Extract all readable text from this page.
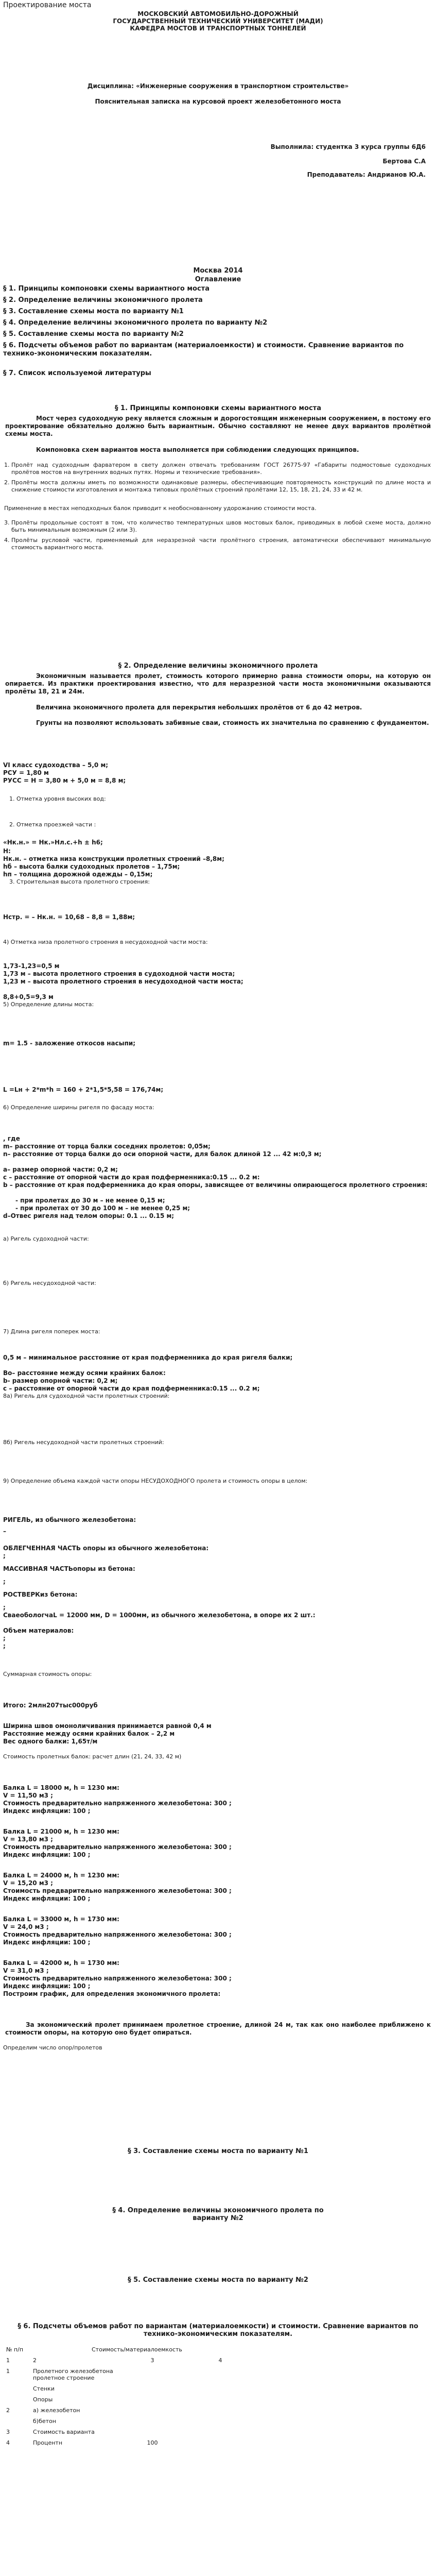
Проектирование моста
МОСКОВСКИЙ АВТОМОБИЛЬНО-ДОРОЖНЫЙ
ГОСУДАРСТВЕННЫЙ ТЕХНИЧЕСКИЙ УНИВЕРСИТЕТ (МАДИ)
КАФЕДРА МОСТОВ И ТРАНСПОРТНЫХ ТОННЕЛЕЙ
Дисциплина: «Инженерные сооружения в транспортном строительстве»
Пояснительная записка на курсовой проект железобетонного моста
Выполнила: студентка 3 курса группы 6Д6
Бертова С.А
Преподаватель: Андрианов Ю.А.
Москва 2014
Оглавление
§ 1. Принципы компоновки схемы вариантного моста
§ 2. Определение величины экономичного пролета
§ 3. Составление схемы моста по варианту №1
§ 4. Определение величины экономичного пролета по варианту №2
§ 5. Составление схемы моста по варианту №2
§ 6. Подсчеты объемов работ по вариантам (материалоемкости) и стоимости. Сравнение вариантов по технико-экономическим показателям.
§ 7. Список используемой литературы
§ 1. Принципы компоновки схемы вариантного моста
Мост через судоходную реку является сложным и дорогостоящим инженерным сооружением, в постому его проектирование обязательно должно быть вариантным. Обычно составляют не менее двух вариантов пролётной схемы моста.
Компоновка схем вариантов моста выполняется при соблюдении следующих принципов.
1. Пролёт над судоходным фарватером в свету должен отвечать требованиям ГОСТ 26775-97 «Габариты подмостовые судоходных пролётов мостов на внутренних водных путях. Нормы и технические требования».
2. Пролёты моста должны иметь по возможности одинаковые размеры, обеспечивающие повторяемость конструкций по длине моста и снижение стоимости изготовления и монтажа типовых пролётных строений пролётами 12, 15, 18, 21, 24, 33 и 42 м.
Применение в местах неподходных балок приводит к необоснованному удорожанию стоимости моста.
3. Пролёты продольные состоят в том, что количество температурных швов мостовых балок, приводимых в любой схеме моста, должно быть минимальным возможным (2 или 3).
4. Пролёты русловой части, применяемый для неразрезной части пролётного строения, автоматически обеспечивают минимальную стоимость вариантного моста.
§ 2. Определение величины экономичного пролета
Экономичным называется пролет, стоимость которого примерно равна стоимости опоры, на которую он опирается. Из практики проектирования известно, что для неразрезной части моста экономичными оказываются пролёты 18, 21 и 24м.
Величина экономичного пролета для перекрытия небольших пролётов от 6 до 42 метров.
Грунты на позволяют использовать забивные сваи, стоимость их значительна по сравнению с фундаментом.
VI класс судоходства – 5,0 м;
РСУ = 1,80 м
РУСС = Н = 3,80 м + 5,0 м = 8,8 м;
1. Отметка уровня высоких вод:
2. Отметка проезжей части :
«Нк.н.» = Нк.»Нл.с.+h ± h6;
Н:
Нк.н. – отметка низа конструкции пролетных строений –8,8м;
hб – высота балки судоходных пролетов – 1,75м;
hп – толщина дорожной одежды – 0,15м;
3. Строительная высота пролетного строения:
Нстр. = – Нк.н. = 10,68 – 8,8 = 1,88м;
4) Отметка низа пролетного строения в несудоходной части моста:
1,73-1,23=0,5 м
1,73 м – высота пролетного строения в судоходной части моста;
1,23 м – высота пролетного строения в несудоходной части моста;
8,8+0,5=9,3 м
5) Определение длины моста:
m= 1.5 - заложение откосов насыпи;
L =Lн + 2*m*h = 160 + 2*1,5*5,58 = 176,74м;
6) Определение ширины ригеля по фасаду моста:
, где
m– расстояние от торца балки соседних пролетов: 0,05м;
n– расстояние от торца балки до оси опорной части, для балок длиной 12 ... 42 м:0,3 м;
a– размер опорной части: 0,2 м;
с – расстояние от опорной части до края подферменника:0.15 ... 0.2 м:
b – расстояние от края подферменника до края опоры, зависящее от величины опирающегося пролетного строения:
- при пролетах до 30 м – не менее 0,15 м;
- при пролетах от 30 до 100 м – не менее 0,25 м;
d–Отвес ригеля над телом опоры: 0.1 ... 0.15 м;
а) Ригель судоходной части:
б) Ригель несудоходной части:
7) Длина ригеля поперек моста:
0,5 м – минимальное расстояние от края подферменника до края ригеля балки;
Bo– расстояние между осями крайних балок:
b- размер опорной части: 0,2 м;
с – расстояние от опорной части до края подферменника:0.15 ... 0.2 м;
8а) Ригель для судоходной части пролетных строений:
8б) Ригель несудоходной части пролетных строений:
9) Определение объема каждой части опоры НЕСУДОХОДНОГО пролета и стоимость опоры в целом:
РИГЕЛЬ, из обычного железобетона:
–
ОБЛЕГЧЕННАЯ ЧАСТЬ опоры из обычного железобетона:
;
МАССИВНАЯ ЧАСТЬопоры из бетона:
;
РОСТВЕРКиз бетона:
;
СваеобологчаL = 12000 мм, D = 1000мм, из обычного железобетона, в опоре их 2 шт.:
Объем материалов:
;
;
Суммарная стоимость опоры:
Итого: 2млн207тыс000руб
Ширина швов омоноличивания принимается равной 0,4 м
Расстояние между осями крайних балок – 2,2 м
Вес одного балки: 1,65т/м
Стоимость пролетных балок: расчет длин (21, 24, 33, 42 м)
Балка L = 18000 м, h = 1230 мм:
V = 11,50 м3 ;
Стоимость предварительно напряженного железобетона: 300 ;
Индекс инфляции: 100 ;
Балка L = 21000 м, h = 1230 мм:
V = 13,80 м3 ;
Стоимость предварительно напряженного железобетона: 300 ;
Индекс инфляции: 100 ;
Балка L = 24000 м, h = 1230 мм:
V = 15,20 м3 ;
Стоимость предварительно напряженного железобетона: 300 ;
Индекс инфляции: 100 ;
Балка L = 33000 м, h = 1730 мм:
V = 24,0 м3 ;
Стоимость предварительно напряженного железобетона: 300 ;
Индекс инфляции: 100 ;
Балка L = 42000 м, h = 1730 мм:
V = 31,0 м3 ;
Стоимость предварительно напряженного железобетона: 300 ;
Индекс инфляции: 100 ;
Построим график, для определения экономичного пролета:
За экономический пролет принимаем пролетное строение, длиной 24 м, так как оно наиболее приближено к стоимости опоры, на которую оно будет опираться.
Определим число опор/пролетов
§ 3. Составление схемы моста по варианту №1
§ 4. Определение величины экономичного пролета по варианту №2
§ 5. Составление схемы моста по варианту №2
§ 6. Подсчеты объемов работ по вариантам (материалоемкости) и стоимости. Сравнение вариантов по технико-экономическим показателям.
№ п/п	Стоимость/материалоемкость		
1	2	3	4
1	Пролетного железобетона пролетное строение		
	Стенки		
	Опоры		
2	а) железобетон		
	б)бетон		
3	Стоимость варианта		
4	Процентн	100	
